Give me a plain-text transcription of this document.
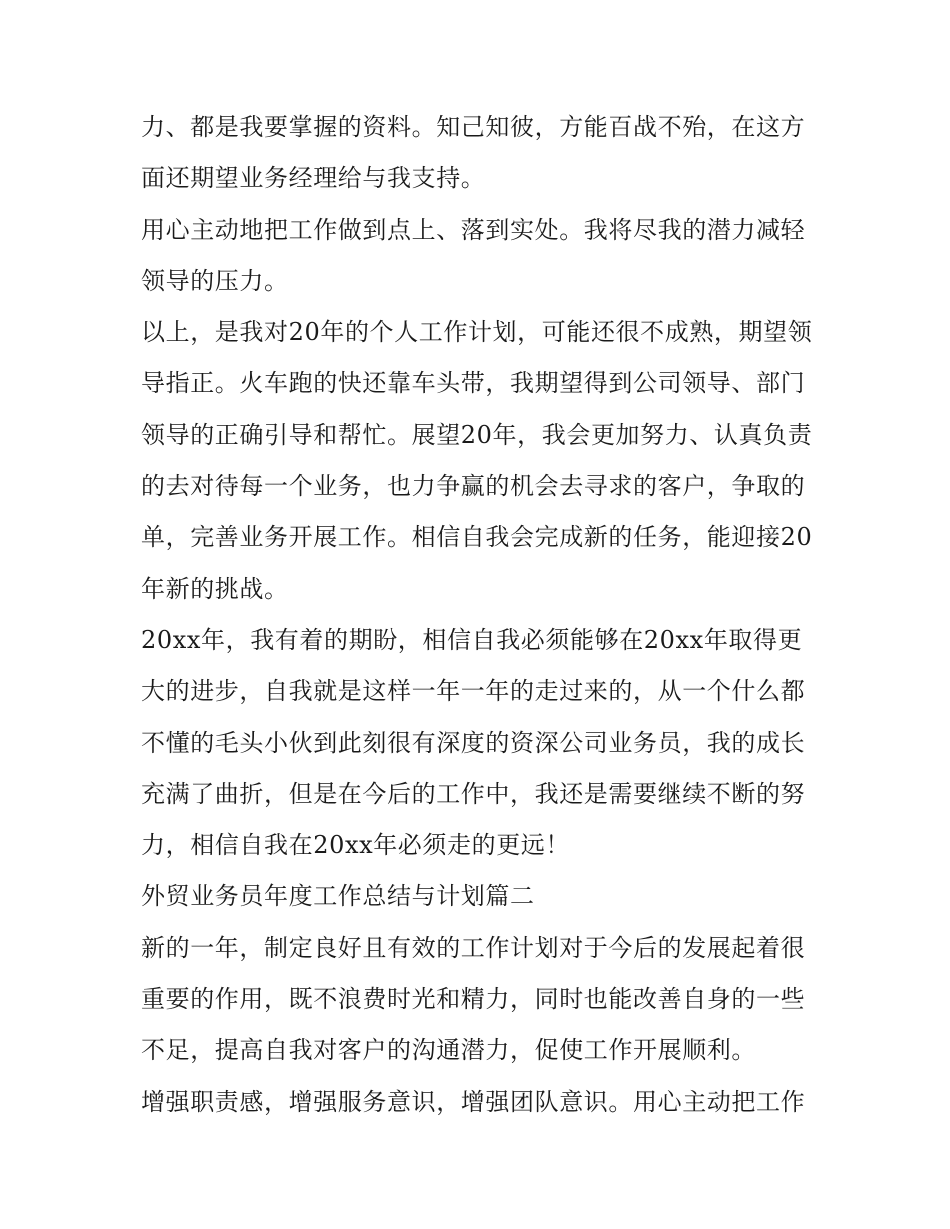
力、都是我要掌握的资料。知己知彼，方能百战不殆，在这方面还期望业务经理给与我支持。

用心主动地把工作做到点上、落到实处。我将尽我的潜力减轻领导的压力。

以上，是我对20年的个人工作计划，可能还很不成熟，期望领导指正。火车跑的快还靠车头带，我期望得到公司领导、部门领导的正确引导和帮忙。展望20年，我会更加努力、认真负责的去对待每一个业务，也力争赢的机会去寻求的客户，争取的单，完善业务开展工作。相信自我会完成新的任务，能迎接20年新的挑战。

20xx年，我有着的期盼，相信自我必须能够在20xx年取得更大的进步，自我就是这样一年一年的走过来的，从一个什么都不懂的毛头小伙到此刻很有深度的资深公司业务员，我的成长充满了曲折，但是在今后的工作中，我还是需要继续不断的努力，相信自我在20xx年必须走的更远！

外贸业务员年度工作总结与计划篇二

新的一年，制定良好且有效的工作计划对于今后的发展起着很重要的作用，既不浪费时光和精力，同时也能改善自身的一些不足，提高自我对客户的沟通潜力，促使工作开展顺利。

增强职责感，增强服务意识，增强团队意识。用心主动把工作
